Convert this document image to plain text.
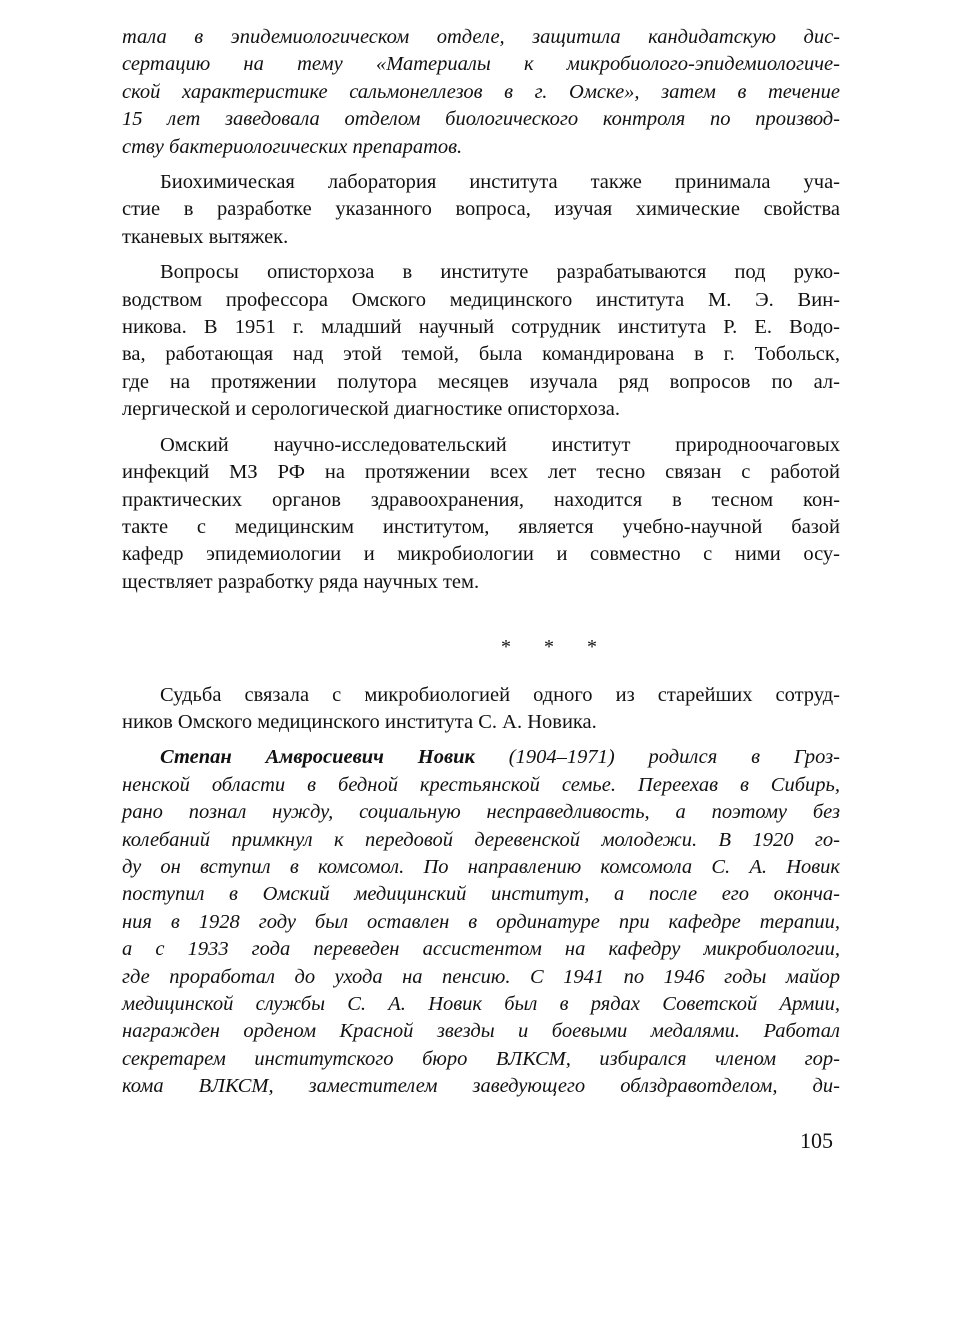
тала в эпидемиологическом отделе, защитила кандидатскую дис-
сертацию на тему «Материалы к микробиолого-эпидемиологиче-
ской характеристике сальмонеллезов в г. Омске», затем в течение
15 лет заведовала отделом биологического контроля по производ-
ству бактериологических препаратов.
Биохимическая лаборатория института также принимала уча-
стие в разработке указанного вопроса, изучая химические свойства
тканевых вытяжек.
Вопросы описторхоза в институте разрабатываются под руко-
водством профессора Омского медицинского института М. Э. Вин-
никова. В 1951 г. младший научный сотрудник института Р. Е. Водо-
ва, работающая над этой темой, была командирована в г. Тобольск,
где на протяжении полутора месяцев изучала ряд вопросов по ал-
лергической и серологической диагностике описторхоза.
Омский научно-исследовательский институт природноочаговых
инфекций МЗ РФ на протяжении всех лет тесно связан с работой
практических органов здравоохранения, находится в тесном кон-
такте с медицинским институтом, является учебно-научной базой
кафедр эпидемиологии и микробиологии и совместно с ними осу-
ществляет разработку ряда научных тем.
* * *
Судьба связала с микробиологией одного из старейших сотруд-
ников Омского медицинского института С. А. Новика.
Степан Амвросиевич Новик (1904–1971) родился в Гроз-
ненской области в бедной крестьянской семье. Переехав в Сибирь,
рано познал нужду, социальную несправедливость, а поэтому без
колебаний примкнул к передовой деревенской молодежи. В 1920 го-
ду он вступил в комсомол. По направлению комсомола С. А. Новик
поступил в Омский медицинский институт, а после его оконча-
ния в 1928 году был оставлен в ординатуре при кафедре терапии,
а с 1933 года переведен ассистентом на кафедру микробиологии,
где проработал до ухода на пенсию. С 1941 по 1946 годы майор
медицинской службы С. А. Новик был в рядах Советской Армии,
награжден орденом Красной звезды и боевыми медалями. Работал
секретарем институтского бюро ВЛКСМ, избирался членом гор-
кома ВЛКСМ, заместителем заведующего облздравотделом, ди-
105
